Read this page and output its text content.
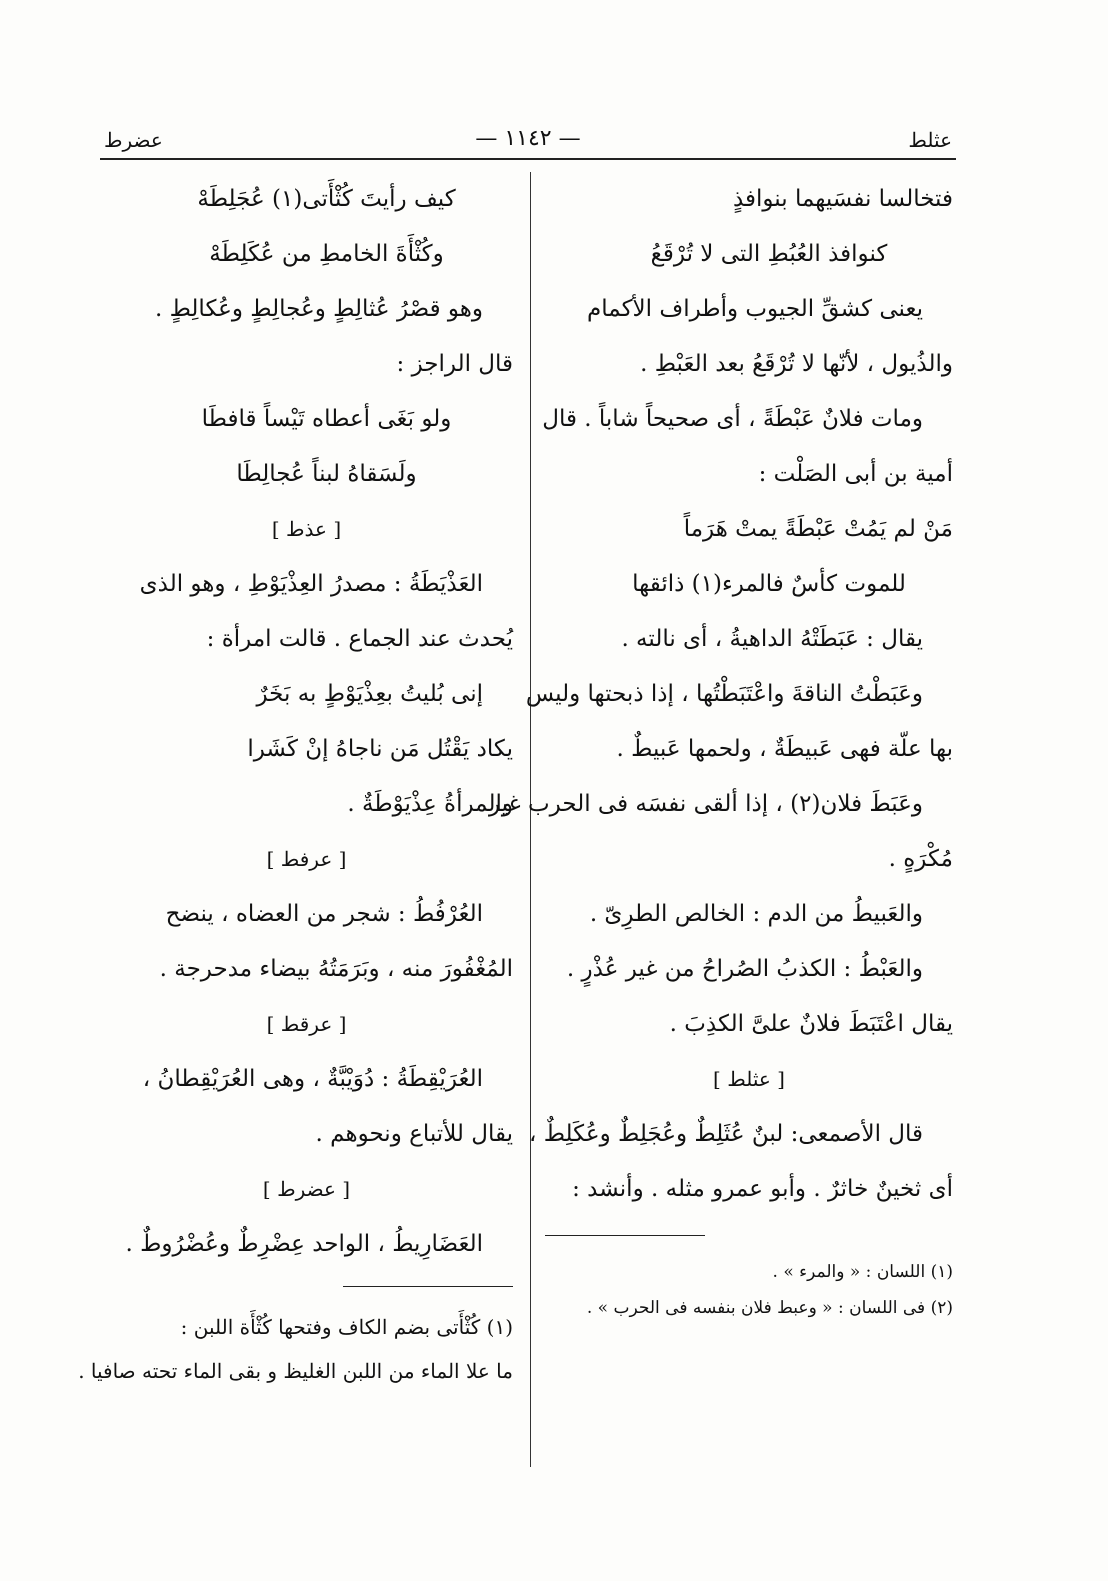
عثلط
— ١١٤٢ —
عضرط
فتخالسا نفسَيهما بنوافذٍ
كنوافذ العُبُطِ التى لا تُرْقَعُ
يعنى كشقِّ الجيوب وأطراف الأكمام
والذُيول ، لأنّها لا تُرْقَعُ بعد العَبْطِ .
ومات فلانٌ عَبْطَةً ، أى صحيحاً شاباً . قال
أمية بن أبى الصَلْت :
مَنْ لم يَمُتْ عَبْطَةً يمتْ هَرَماً
للموت كأسٌ فالمرء(١) ذائقها
يقال : عَبَطَتْهُ الداهيةُ ، أى نالته .
وعَبَطْتُ الناقةَ واعْتَبَطْتُها ، إذا ذبحتها وليس
بها علّة فهى عَبيطَةٌ ، ولحمها عَبيطٌ .
وعَبَطَ فلان(٢) ، إذا ألقى نفسَه فى الحرب غير
مُكْرَهٍ .
والعَبيطُ من الدم : الخالص الطرِىّ .
والعَبْطُ : الكذبُ الصُراحُ من غير عُذْرٍ .
يقال اعْتَبَطَ فلانٌ علىَّ الكذِبَ .
[ عثلط ]
قال الأصمعى: لبنٌ عُثَلِطٌ وعُجَلِطٌ وعُكَلِطٌ ،
أى ثخينٌ خاثرٌ . وأبو عمرو مثله . وأنشد :
(١) اللسان : « والمرء » .
(٢) فى اللسان : « وعبط فلان بنفسه فى الحرب » .
كيف رأيتَ كُثْأَتى(١) عُجَلِطَهْ
وكُثْأَةَ الخامطِ من عُكَلِطَهْ
وهو قصْرُ عُثالِطٍ وعُجالِطٍ وعُكالِطٍ .
قال الراجز :
ولو بَغَى أعطاه تَيْساً قافطَا
ولَسَقاهُ لبناً عُجالِطَا
[ عذط ]
العَذْيَطَةُ : مصدرُ العِذْيَوْطِ ، وهو الذى
يُحدث عند الجماع . قالت امرأة :
إنى بُليتُ بعِذْيَوْطٍ به بَخَرٌ
يكاد يَقْتُل مَن ناجاهُ إنْ كَشَرا
والمرأةُ عِذْيَوْطَةٌ .
[ عرفط ]
العُرْفُطُ : شجر من العضاه ، ينضح
المُغْفُورَ منه ، وبَرَمَتُهُ بيضاء مدحرجة .
[ عرقط ]
العُرَيْقِطَةُ : دُوَيْبَّةٌ ، وهى العُرَيْقِطانُ ،
يقال للأتباع ونحوهم .
[ عضرط ]
العَضَارِيطُ ، الواحد عِضْرِطٌ وعُضْرُوطٌ .
(١) كُثْأَتى بضم الكاف وفتحها كُثْأَة اللبن :
ما علا الماء من اللبن الغليظ و بقى الماء تحته صافيا .
